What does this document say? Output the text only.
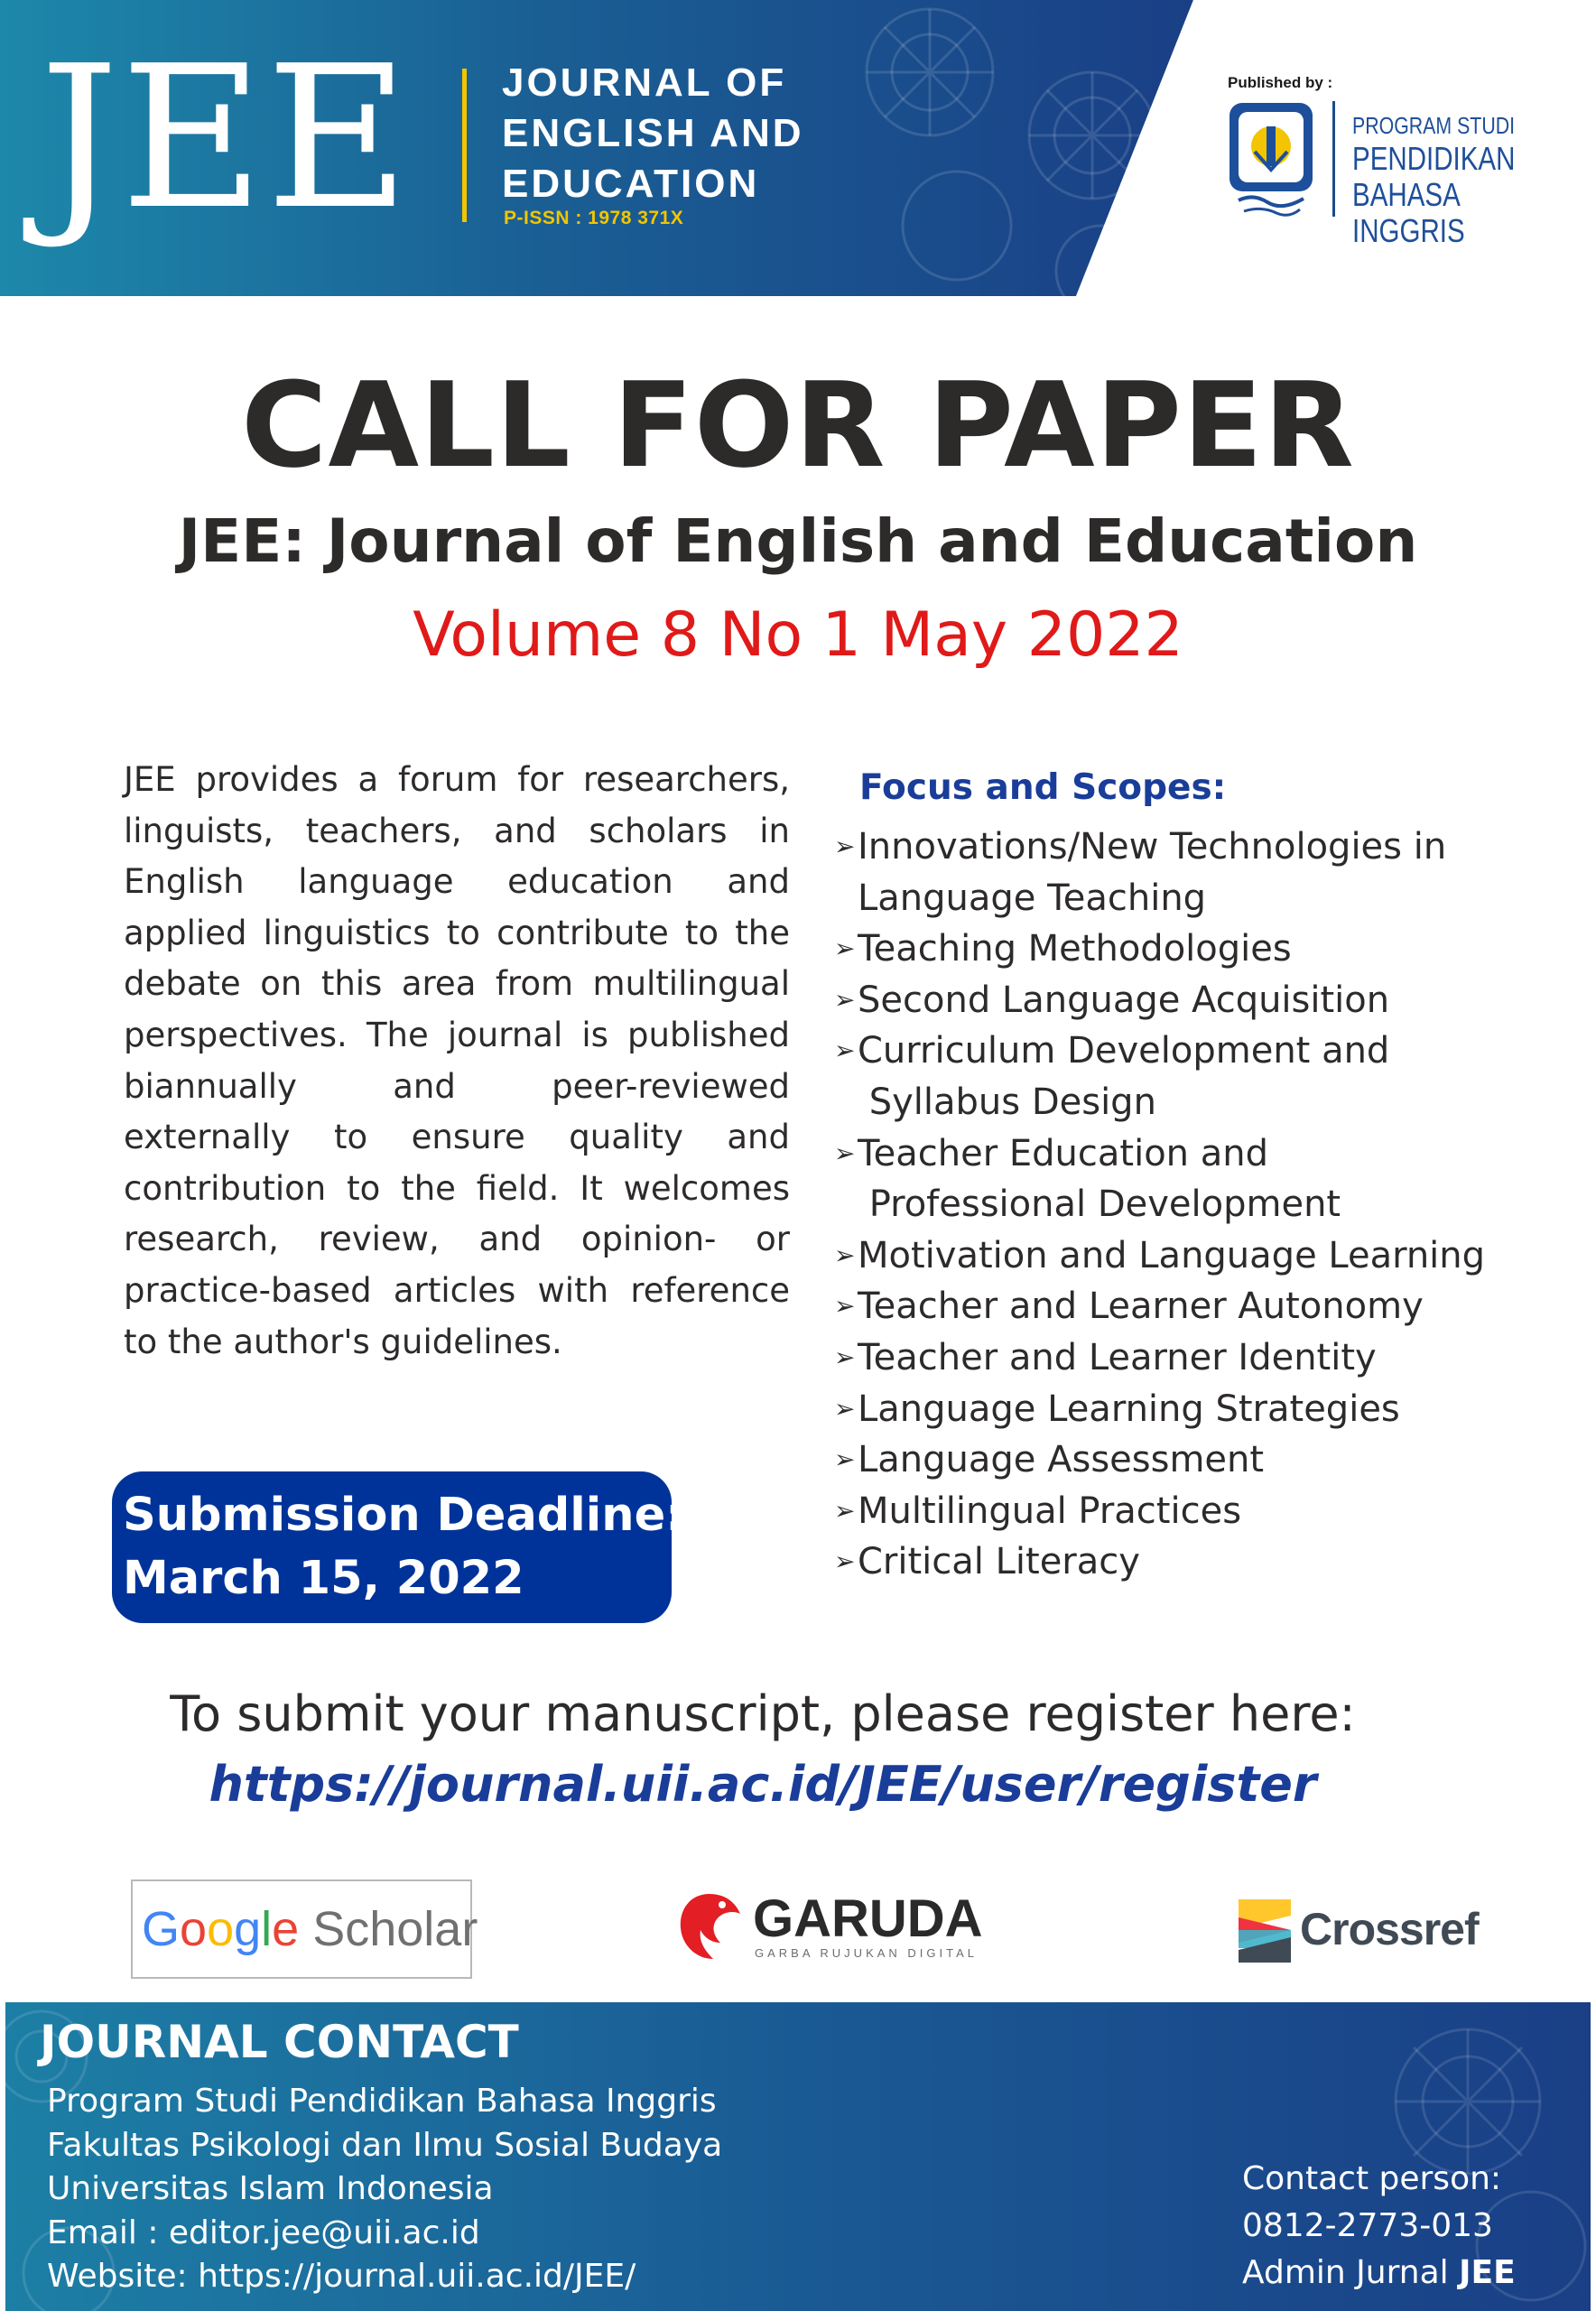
JEE JOURNAL OF
ENGLISH AND
EDUCATION
P-ISSN : 1978 371X
Published by :
PROGRAM STUDI
PENDIDIKAN
BAHASA INGGRIS
CALL FOR PAPER
JEE: Journal of English and Education
Volume 8 No 1 May 2022
JEE provides a forum for researchers, linguists, teachers, and scholars in English language education and applied linguistics to contribute to the debate on this area from multilingual perspectives. The journal is published biannually and peer-reviewed externally to ensure quality and contribution to the field. It welcomes research, review, and opinion- or practice-based articles with reference to the author's guidelines.
Submission Deadline:
March 15, 2022
Focus and Scopes:
➢ Innovations/New Technologies in
Language Teaching
➢ Teaching Methodologies
➢ Second Language Acquisition
➢ Curriculum Development and
Syllabus Design
➢ Teacher Education and
Professional Development
➢ Motivation and Language Learning
➢ Teacher and Learner Autonomy
➢ Teacher and Learner Identity
➢ Language Learning Strategies
➢ Language Assessment
➢ Multilingual Practices
➢ Critical Literacy
To submit your manuscript, please register here:
https://journal.uii.ac.id/JEE/user/register
Google Scholar	GARUDA
GARBA RUJUKAN DIGITAL	Crossref
JOURNAL CONTACT
Program Studi Pendidikan Bahasa Inggris
Fakultas Psikologi dan Ilmu Sosial Budaya
Universitas Islam Indonesia
Email : editor.jee@uii.ac.id
Website: https://journal.uii.ac.id/JEE/
Contact person:
0812-2773-013
Admin Jurnal JEE
